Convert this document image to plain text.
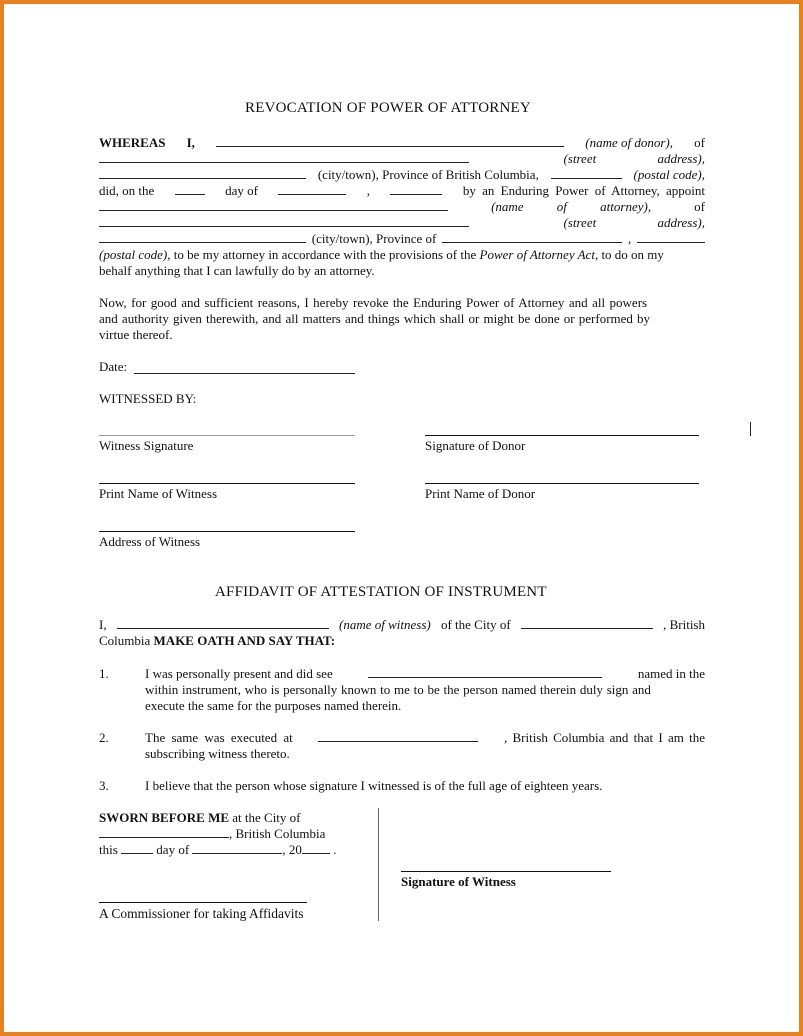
REVOCATION OF POWER OF ATTORNEY
WHEREAS I,	(name of donor), of
(street address),
(city/town), Province of British Columbia,	(postal code),
did, on the	day of	,	by an Enduring Power of Attorney, appoint
(name of attorney),	of
(street address),
(city/town), Province of	,
(postal code), to be my attorney in accordance with the provisions of the Power of Attorney Act, to do on my
behalf anything that I can lawfully do by an attorney.
Now, for good and sufficient reasons, I hereby revoke the Enduring Power of Attorney and all powers
and authority given therewith, and all matters and things which shall or might be done or performed by
virtue thereof.
Date:
WITNESSED BY:
Witness Signature	Signature of Donor
Print Name of Witness	Print Name of Donor
Address of Witness
AFFIDAVIT OF ATTESTATION OF INSTRUMENT
I,	(name of witness) of the City of	, British
Columbia MAKE OATH AND SAY THAT:
1.	I was personally present and did see	named in the
within instrument, who is personally known to me to be the person named therein duly sign and
execute the same for the purposes named therein.
2.	The same was executed at	, British Columbia and that I am the
subscribing witness thereto.
3.	I believe that the person whose signature I witnessed is of the full age of eighteen years.
SWORN BEFORE ME at the City of
, British Columbia
this	day of	, 20 .
Signature of Witness
A Commissioner for taking Affidavits
